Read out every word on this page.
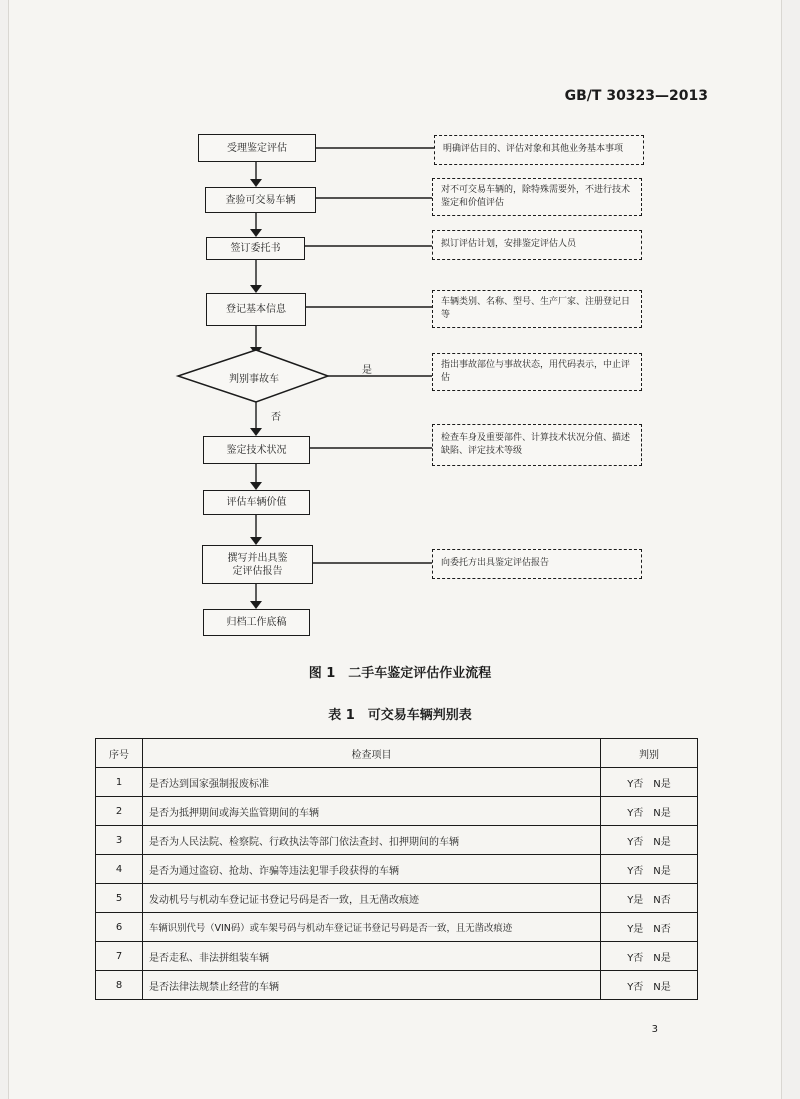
GB/T 30323—2013
受理鉴定评估
查验可交易车辆
签订委托书
登记基本信息
判别事故车
鉴定技术状况
评估车辆价值
撰写并出具鉴定评估报告
归档工作底稿
是
否
明确评估目的、评估对象和其他业务基本事项
对不可交易车辆的，除特殊需要外，不进行技术鉴定和价值评估
拟订评估计划，安排鉴定评估人员
车辆类别、名称、型号、生产厂家、注册登记日等
指出事故部位与事故状态，用代码表示，中止评估
检查车身及重要部件、计算技术状况分值、描述缺陷、评定技术等级
向委托方出具鉴定评估报告
图 1　二手车鉴定评估作业流程
表 1　可交易车辆判别表
序号	检查项目	判别
1	是否达到国家强制报废标准	Y否　N是
2	是否为抵押期间或海关监管期间的车辆	Y否　N是
3	是否为人民法院、检察院、行政执法等部门依法查封、扣押期间的车辆	Y否　N是
4	是否为通过盗窃、抢劫、诈骗等违法犯罪手段获得的车辆	Y否　N是
5	发动机号与机动车登记证书登记号码是否一致，且无凿改痕迹	Y是　N否
6	车辆识别代号（VIN码）或车架号码与机动车登记证书登记号码是否一致，且无凿改痕迹	Y是　N否
7	是否走私、非法拼组装车辆	Y否　N是
8	是否法律法规禁止经营的车辆	Y否　N是
3
